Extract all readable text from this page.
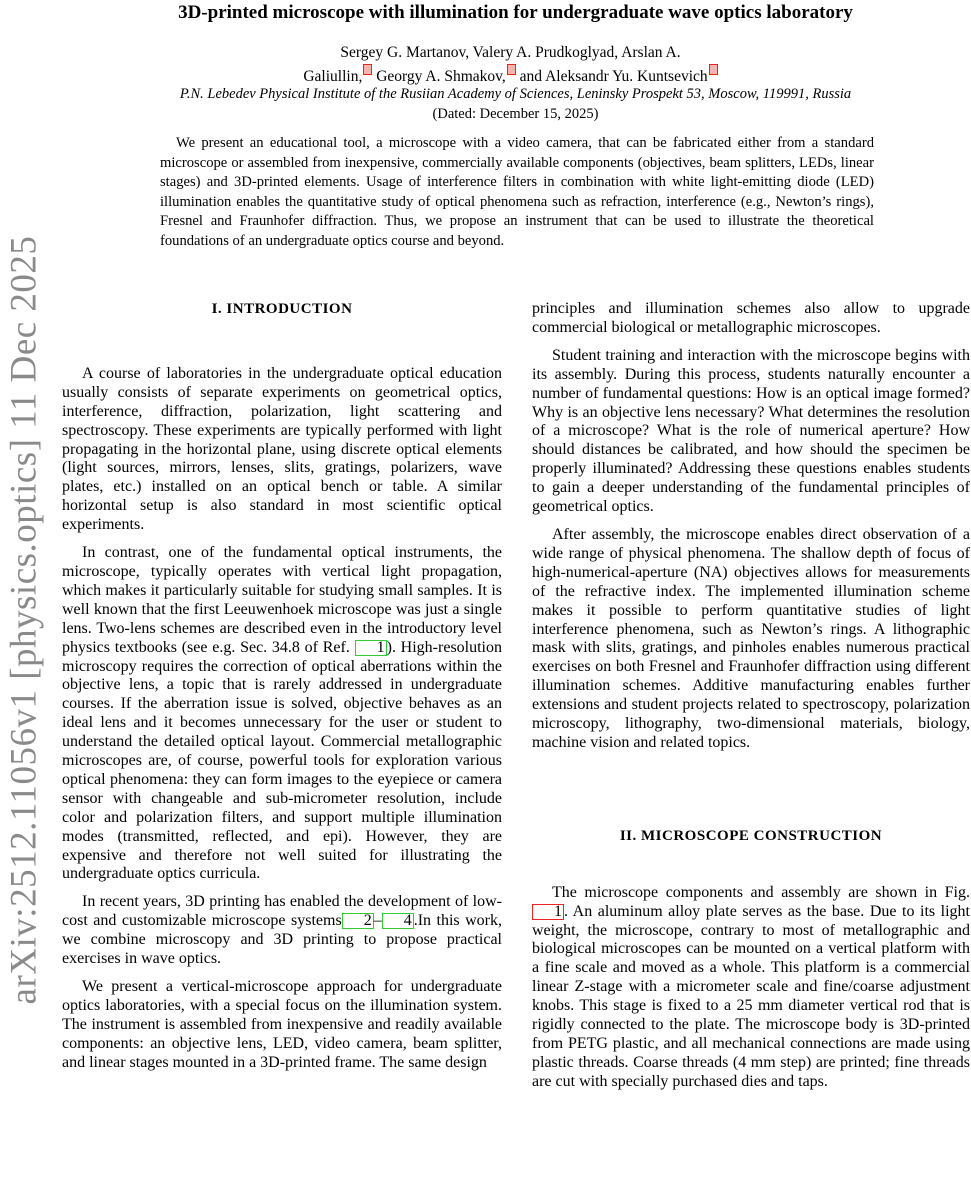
arXiv:2512.11056v1 [physics.optics] 11 Dec 2025
3D-printed microscope with illumination for undergraduate wave optics laboratory
Sergey G. Martanov, Valery A. Prudkoglyad, Arslan A.
Galiullin, Georgy A. Shmakov, and Aleksandr Yu. Kuntsevich
P.N. Lebedev Physical Institute of the Rusiian Academy of Sciences, Leninsky Prospekt 53, Moscow, 119991, Russia
(Dated: December 15, 2025)

We present an educational tool, a microscope with a video camera, that can be fabricated either from a standard microscope or assembled from inexpensive, commercially available components (objectives, beam splitters, LEDs, linear stages) and 3D-printed elements. Usage of interference filters in combination with white light-emitting diode (LED) illumination enables the quantitative study of optical phenomena such as refraction, interference (e.g., Newton’s rings), Fresnel and Fraunhofer diffraction. Thus, we propose an instrument that can be used to illustrate the theoretical foundations of an undergraduate optics course and beyond.

I. INTRODUCTION

A course of laboratories in the undergraduate optical education usually consists of separate experiments on geometrical optics, interference, diffraction, polarization, light scattering and spectroscopy. These experiments are typically performed with light propagating in the horizontal plane, using discrete optical elements (light sources, mirrors, lenses, slits, gratings, polarizers, wave plates, etc.) installed on an optical bench or table. A similar horizontal setup is also standard in most scientific optical experiments.

In contrast, one of the fundamental optical instruments, the microscope, typically operates with vertical light propagation, which makes it particularly suitable for studying small samples. It is well known that the first Leeuwenhoek microscope was just a single lens. Two-lens schemes are described even in the introductory level physics textbooks (see e.g. Sec. 34.8 of Ref. 1 ). High-resolution microscopy requires the correction of optical aberrations within the objective lens, a topic that is rarely addressed in undergraduate courses. If the aberration issue is solved, objective behaves as an ideal lens and it becomes unnecessary for the user or student to understand the detailed optical layout. Commercial metallographic microscopes are, of course, powerful tools for exploration various optical phenomena: they can form images to the eyepiece or camera sensor with changeable and sub-micrometer resolution, include color and polarization filters, and support multiple illumination modes (transmitted, reflected, and epi). However, they are expensive and therefore not well suited for illustrating the undergraduate optics curricula.

In recent years, 3D printing has enabled the development of low-cost and customizable microscope systems 2 – 4 .In this work, we combine microscopy and 3D printing to propose practical exercises in wave optics.

We present a vertical-microscope approach for undergraduate optics laboratories, with a special focus on the illumination system. The instrument is assembled from inexpensive and readily available components: an objective lens, LED, video camera, beam splitter, and linear stages mounted in a 3D-printed frame. The same design

principles and illumination schemes also allow to upgrade commercial biological or metallographic microscopes.

Student training and interaction with the microscope begins with its assembly. During this process, students naturally encounter a number of fundamental questions: How is an optical image formed? Why is an objective lens necessary? What determines the resolution of a microscope? What is the role of numerical aperture? How should distances be calibrated, and how should the specimen be properly illuminated? Addressing these questions enables students to gain a deeper understanding of the fundamental principles of geometrical optics.

After assembly, the microscope enables direct observation of a wide range of physical phenomena. The shallow depth of focus of high-numerical-aperture (NA) objectives allows for measurements of the refractive index. The implemented illumination scheme makes it possible to perform quantitative studies of light interference phenomena, such as Newton’s rings. A lithographic mask with slits, gratings, and pinholes enables numerous practical exercises on both Fresnel and Fraunhofer diffraction using different illumination schemes. Additive manufacturing enables further extensions and student projects related to spectroscopy, polarization microscopy, lithography, two-dimensional materials, biology, machine vision and related topics.

II. MICROSCOPE CONSTRUCTION

The microscope components and assembly are shown in Fig. 1 . An aluminum alloy plate serves as the base. Due to its light weight, the microscope, contrary to most of metallographic and biological microscopes can be mounted on a vertical platform with a fine scale and moved as a whole. This platform is a commercial linear Z-stage with a micrometer scale and fine/coarse adjustment knobs. This stage is fixed to a 25 mm diameter vertical rod that is rigidly connected to the plate. The microscope body is 3D-printed from PETG plastic, and all mechanical connections are made using plastic threads. Coarse threads (4 mm step) are printed; fine threads are cut with specially purchased dies and taps.
